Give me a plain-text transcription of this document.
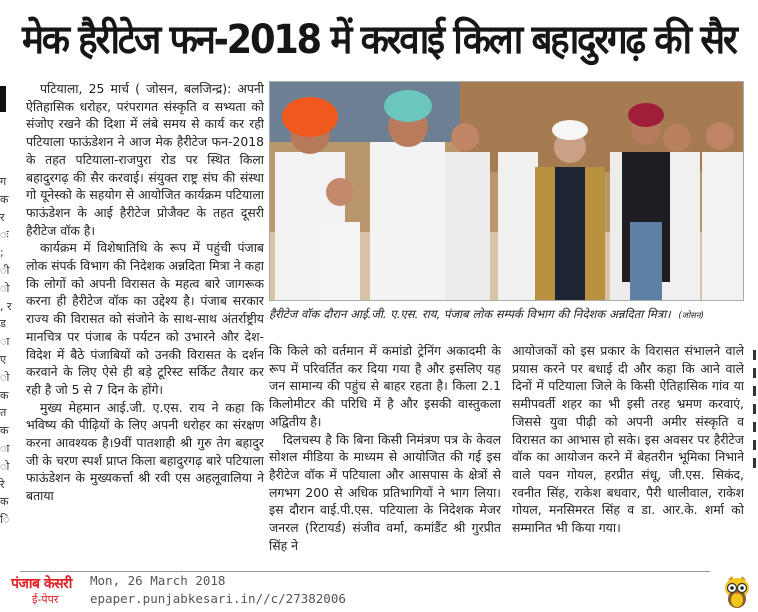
मेक हैरीटेज फन-2018 में करवाई किला बहादुरगढ़ की सैर
ग क र ः ; ी ो , र ड ा ए ो क त क ा ो रे क ि

पटियाला, 25 मार्च ( जोसन, बलजिन्द्र): अपनी ऐतिहासिक धरोहर, परंपरागत संस्कृति व सभ्यता को संजोए रखने की दिशा में लंबे समय से कार्य कर रही पटियाला फाऊंडेशन ने आज मेक हैरीटेज फन-2018 के तहत पटियाला-राजपुरा रोड पर स्थित किला बहादुरगढ़ की सैर करवाई। संयुक्त राष्ट्र संघ की संस्था गो यूनेस्को के सहयोग से आयोजित कार्यक्रम पटियाला फाऊंडेशन के आई हैरीटेज प्रोजैक्ट के तहत दूसरी हैरीटेज वॉक है।

कार्यक्रम में विशेषातिथि के रूप में पहुंची पंजाब लोक संपर्क विभाग की निदेशक अन्नदिता मित्रा ने कहा कि लोगों को अपनी विरासत के महत्व बारे जागरूक करना ही हैरीटेज वॉक का उद्देश्य है। पंजाब सरकार राज्य की विरासत को संजोने के साथ-साथ अंतर्राष्ट्रीय मानचित्र पर पंजाब के पर्यटन को उभारने और देश-विदेश में बैठे पंजाबियों को उनकी विरासत के दर्शन करवाने के लिए ऐसे ही बड़े टूरिस्ट सर्किट तैयार कर रही है जो 5 से 7 दिन के होंगे।

मुख्य मेहमान आई.जी. ए.एस. राय ने कहा कि भविष्य की पीढ़ियों के लिए अपनी धरोहर का संरक्षण करना आवश्यक है।9वीं पातशाही श्री गुरु तेग बहादुर जी के चरण स्पर्श प्राप्त किला बहादुरगढ़ बारे पटियाला फाऊंडेशन के मुख्यकर्त्ता श्री रवी एस अहलूवालिया ने बताया

हैरीटेज वॉक दौरान आई.जी. ए.एस. राय, पंजाब लोक सम्पर्क विभाग की निदेशक अन्नदिता मित्रा। (जोसन)

कि किले को वर्तमान में कमांडो ट्रेनिंग अकादमी के रूप में परिवर्तित कर दिया गया है और इसलिए यह जन सामान्य की पहुंच से बाहर रहता है। किला 2.1 किलोमीटर की परिधि में है और इसकी वास्तुकला अद्वितीय है।

दिलचस्प है कि बिना किसी निमंत्रण पत्र के केवल सोशल मीडिया के माध्यम से आयोजित की गई इस हैरीटेज वॉक में पटियाला और आसपास के क्षेत्रों से लगभग 200 से अधिक प्रतिभागियों ने भाग लिया।इस दौरान वाई.पी.एस. पटियाला के निदेशक मेजर जनरल (रिटायर्ड) संजीव वर्मा, कमांडैंट श्री गुरप्रीत सिंह ने

आयोजकों को इस प्रकार के विरासत संभालने वाले प्रयास करने पर बधाई दी और कहा कि आने वाले दिनों में पटियाला जिले के किसी ऐतिहासिक गांव या समीपवर्ती शहर का भी इसी तरह भ्रमण करवाएं, जिससे युवा पीढ़ी को अपनी अमीर संस्कृति व विरासत का आभास हो सके। इस अवसर पर हैरीटेज वॉक का आयोजन करने में बेहतरीन भूमिका निभाने वाले पवन गोयल, हरप्रीत संधू, जी.एस. सिकंद, रवनीत सिंह, राकेश बधवार, पैरी धालीवाल, राकेश गोयल, मनसिमरत सिंह व डा. आर.के. शर्मा को सम्मानित भी किया गया।

पंजाब केसरी
ई-पेपर
Mon, 26 March 2018
epaper.punjabkesari.in//c/27382006
